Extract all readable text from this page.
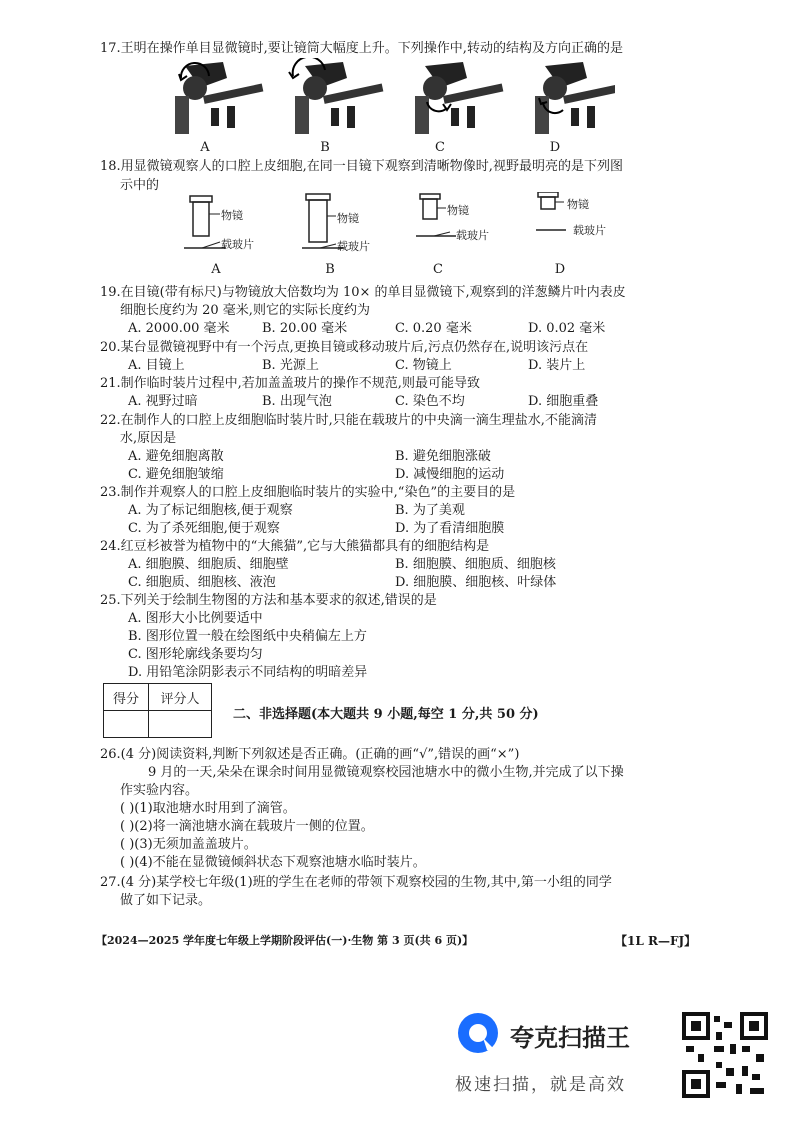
17.王明在操作单目显微镜时,要让镜筒大幅度上升。下列操作中,转动的结构及方向正确的是
A	B	C	D
18.用显微镜观察人的口腔上皮细胞,在同一目镜下观察到清晰物像时,视野最明亮的是下列图
示中的
物镜
载玻片
物镜
载玻片
物镜
载玻片
物镜
载玻片
A	B	C	D
19.在目镜(带有标尺)与物镜放大倍数均为 10× 的单目显微镜下,观察到的洋葱鳞片叶内表皮
细胞长度约为 20 毫米,则它的实际长度约为
A. 2000.00 毫米 B. 20.00 毫米	C. 0.20 毫米	D. 0.02 毫米
20.某台显微镜视野中有一个污点,更换目镜或移动玻片后,污点仍然存在,说明该污点在
A. 目镜上	B. 光源上	C. 物镜上	D. 装片上
21.制作临时装片过程中,若加盖盖玻片的操作不规范,则最可能导致
A. 视野过暗	B. 出现气泡	C. 染色不均	D. 细胞重叠
22.在制作人的口腔上皮细胞临时装片时,只能在载玻片的中央滴一滴生理盐水,不能滴清
水,原因是
A. 避免细胞离散	B. 避免细胞涨破
C. 避免细胞皱缩	D. 减慢细胞的运动
23.制作并观察人的口腔上皮细胞临时装片的实验中,“染色”的主要目的是
A. 为了标记细胞核,便于观察	B. 为了美观
C. 为了杀死细胞,便于观察	D. 为了看清细胞膜
24.红豆杉被誉为植物中的“大熊猫”,它与大熊猫都具有的细胞结构是
A. 细胞膜、细胞质、细胞壁	B. 细胞膜、细胞质、细胞核
C. 细胞质、细胞核、液泡	D. 细胞膜、细胞核、叶绿体
25.下列关于绘制生物图的方法和基本要求的叙述,错误的是
A. 图形大小比例要适中
B. 图形位置一般在绘图纸中央稍偏左上方
C. 图形轮廓线条要均匀
D. 用铅笔涂阴影表示不同结构的明暗差异
得分	评分人

二、非选择题(本大题共 9 小题,每空 1 分,共 50 分)
26.(4 分)阅读资料,判断下列叙述是否正确。(正确的画“√”,错误的画“×”)
9 月的一天,朵朵在课余时间用显微镜观察校园池塘水中的微小生物,并完成了以下操
作实验内容。
( )(1)取池塘水时用到了滴管。
( )(2)将一滴池塘水滴在载玻片一侧的位置。
( )(3)无须加盖盖玻片。
( )(4)不能在显微镜倾斜状态下观察池塘水临时装片。
27.(4 分)某学校七年级(1)班的学生在老师的带领下观察校园的生物,其中,第一小组的同学
做了如下记录。
【2024—2025 学年度七年级上学期阶段评估(一)·生物 第 3 页(共 6 页)】	【1L R—FJ】
夸克扫描王
极速扫描，就是高效
